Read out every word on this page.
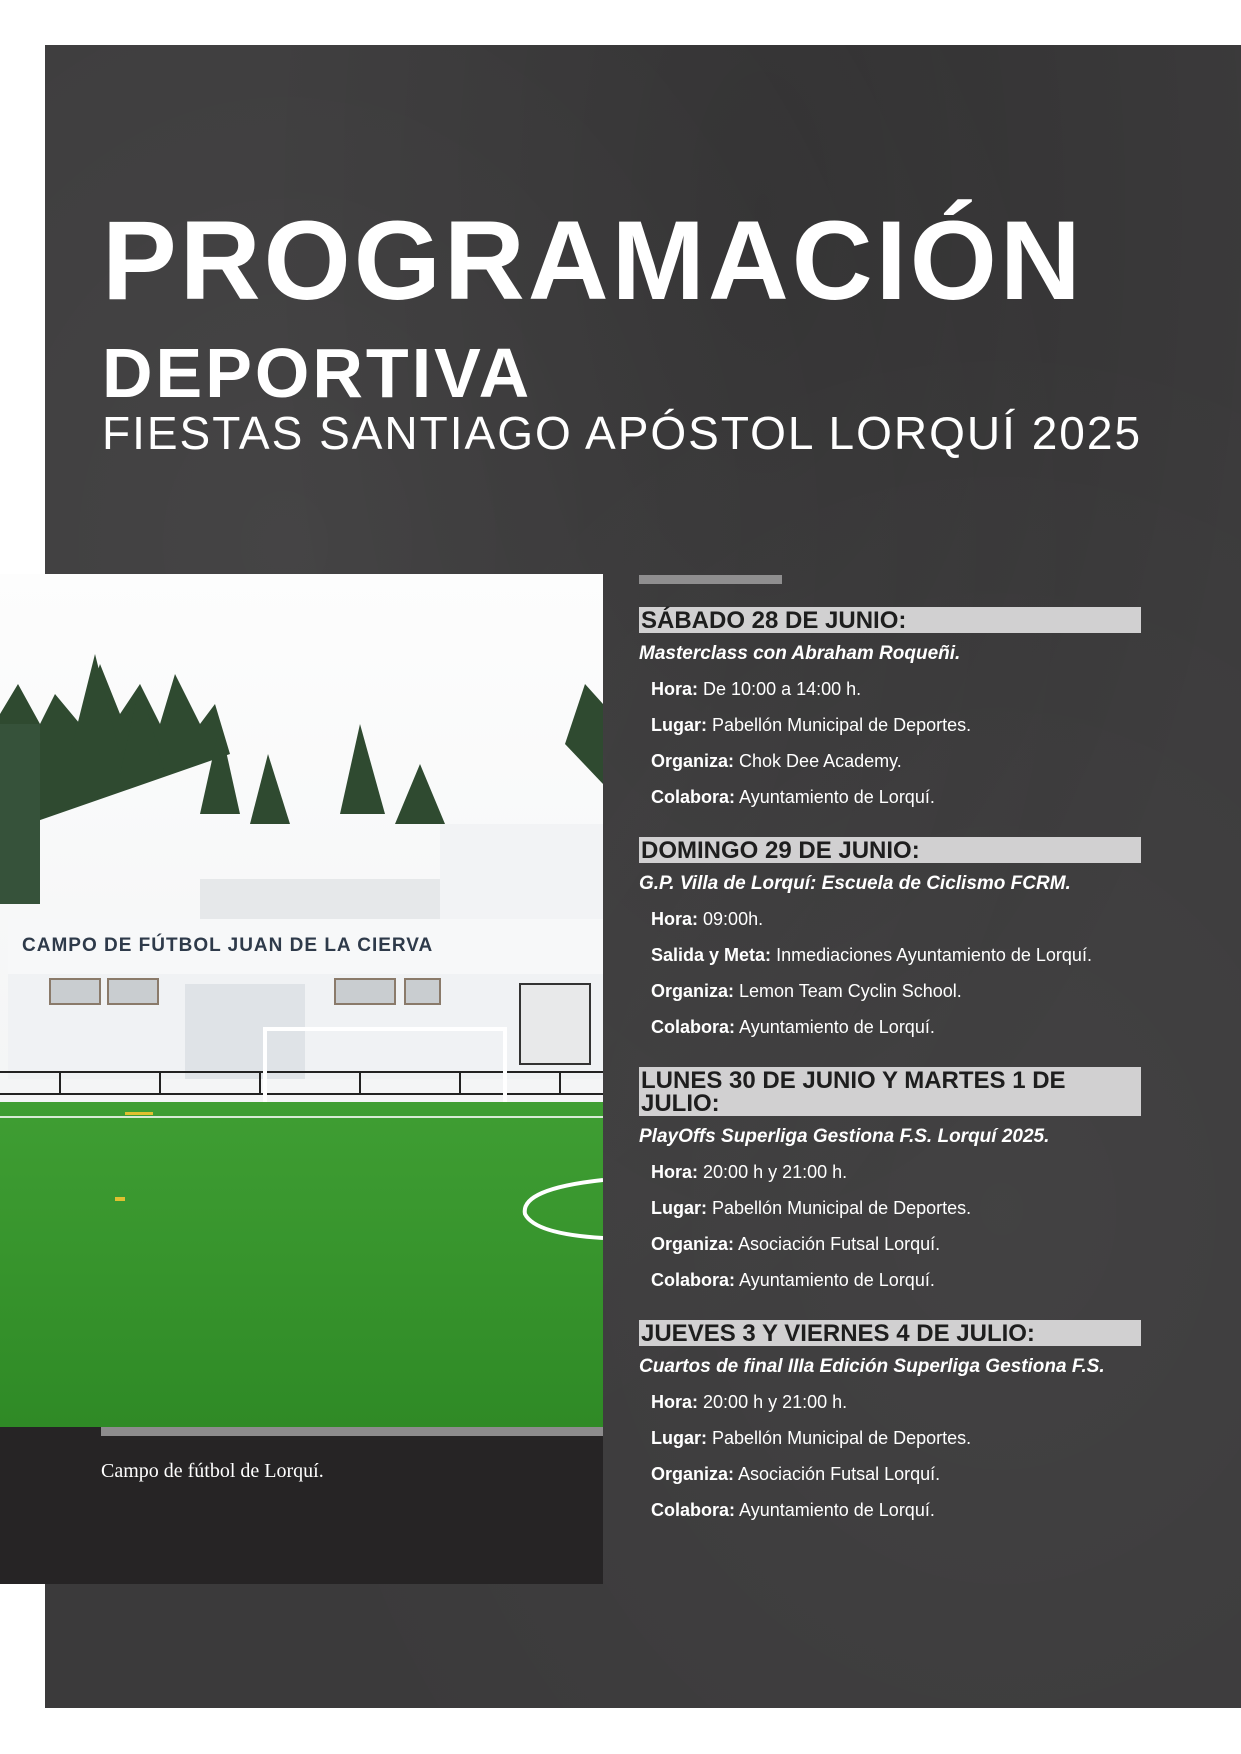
PROGRAMACIÓN
DEPORTIVA
FIESTAS SANTIAGO APÓSTOL LORQUÍ 2025
CAMPO DE FÚTBOL JUAN DE LA CIERVA
Campo de fútbol de Lorquí.
SÁBADO 28 DE JUNIO:
Masterclass con Abraham Roqueñi.
Hora: De 10:00 a 14:00 h.
Lugar: Pabellón Municipal de Deportes.
Organiza: Chok Dee Academy.
Colabora: Ayuntamiento de Lorquí.
DOMINGO 29 DE JUNIO:
G.P. Villa de Lorquí: Escuela de Ciclismo FCRM.
Hora: 09:00h.
Salida y Meta: Inmediaciones Ayuntamiento de Lorquí.
Organiza: Lemon Team Cyclin School.
Colabora: Ayuntamiento de Lorquí.
LUNES 30 DE JUNIO Y MARTES 1 DE JULIO:
PlayOffs Superliga Gestiona F.S. Lorquí 2025.
Hora: 20:00 h y 21:00 h.
Lugar: Pabellón Municipal de Deportes.
Organiza: Asociación Futsal Lorquí.
Colabora: Ayuntamiento de Lorquí.
JUEVES 3 Y VIERNES 4 DE JULIO:
Cuartos de final IIIa Edición Superliga Gestiona F.S.
Hora: 20:00 h y 21:00 h.
Lugar: Pabellón Municipal de Deportes.
Organiza: Asociación Futsal Lorquí.
Colabora: Ayuntamiento de Lorquí.
